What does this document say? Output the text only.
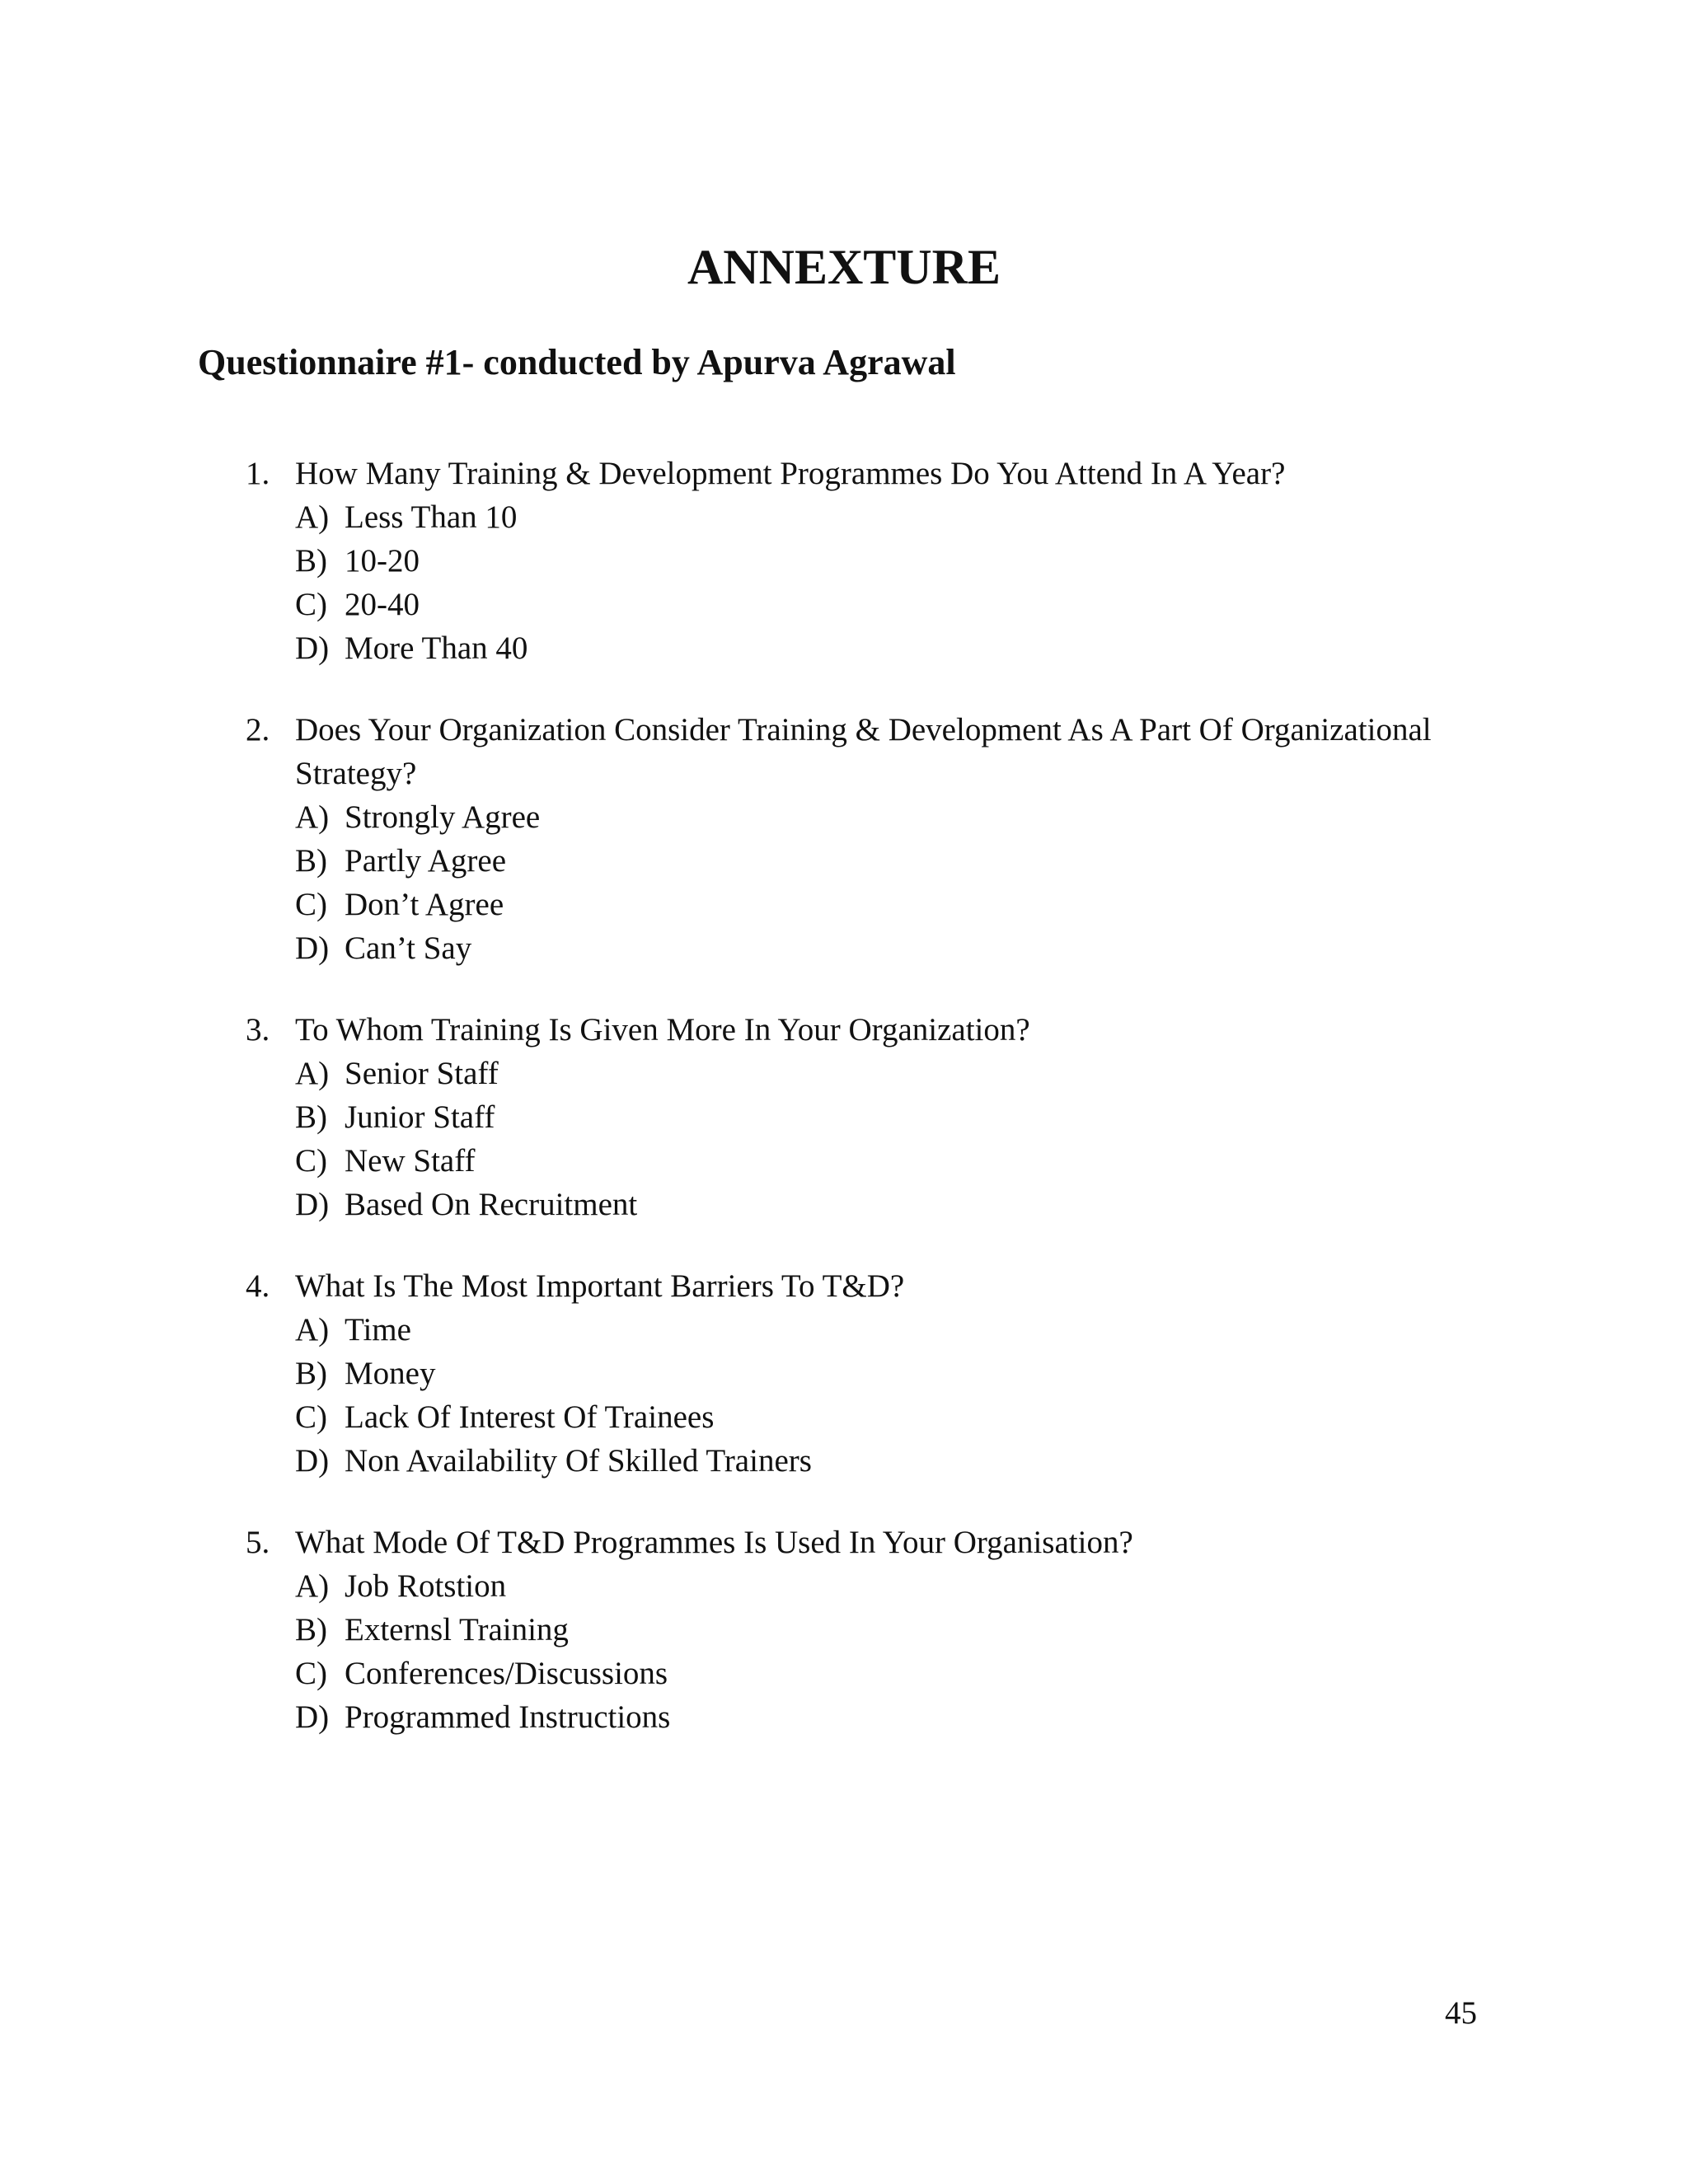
ANNEXTURE
Questionnaire #1- conducted by Apurva Agrawal
1. How Many Training & Development Programmes Do You Attend In A Year?
A) Less Than 10
B) 10-20
C) 20-40
D) More Than 40
2. Does Your Organization Consider Training & Development As A Part Of Organizational Strategy?
A) Strongly Agree
B) Partly Agree
C) Don’t Agree
D) Can’t Say
3. To Whom Training Is Given More In Your Organization?
A) Senior Staff
B) Junior Staff
C) New Staff
D) Based On Recruitment
4. What Is The Most Important Barriers To T&D?
A) Time
B) Money
C) Lack Of Interest Of Trainees
D) Non Availability Of Skilled Trainers
5. What Mode Of T&D Programmes Is Used In Your Organisation?
A) Job Rotstion
B) Externsl Training
C) Conferences/Discussions
D) Programmed Instructions
45
